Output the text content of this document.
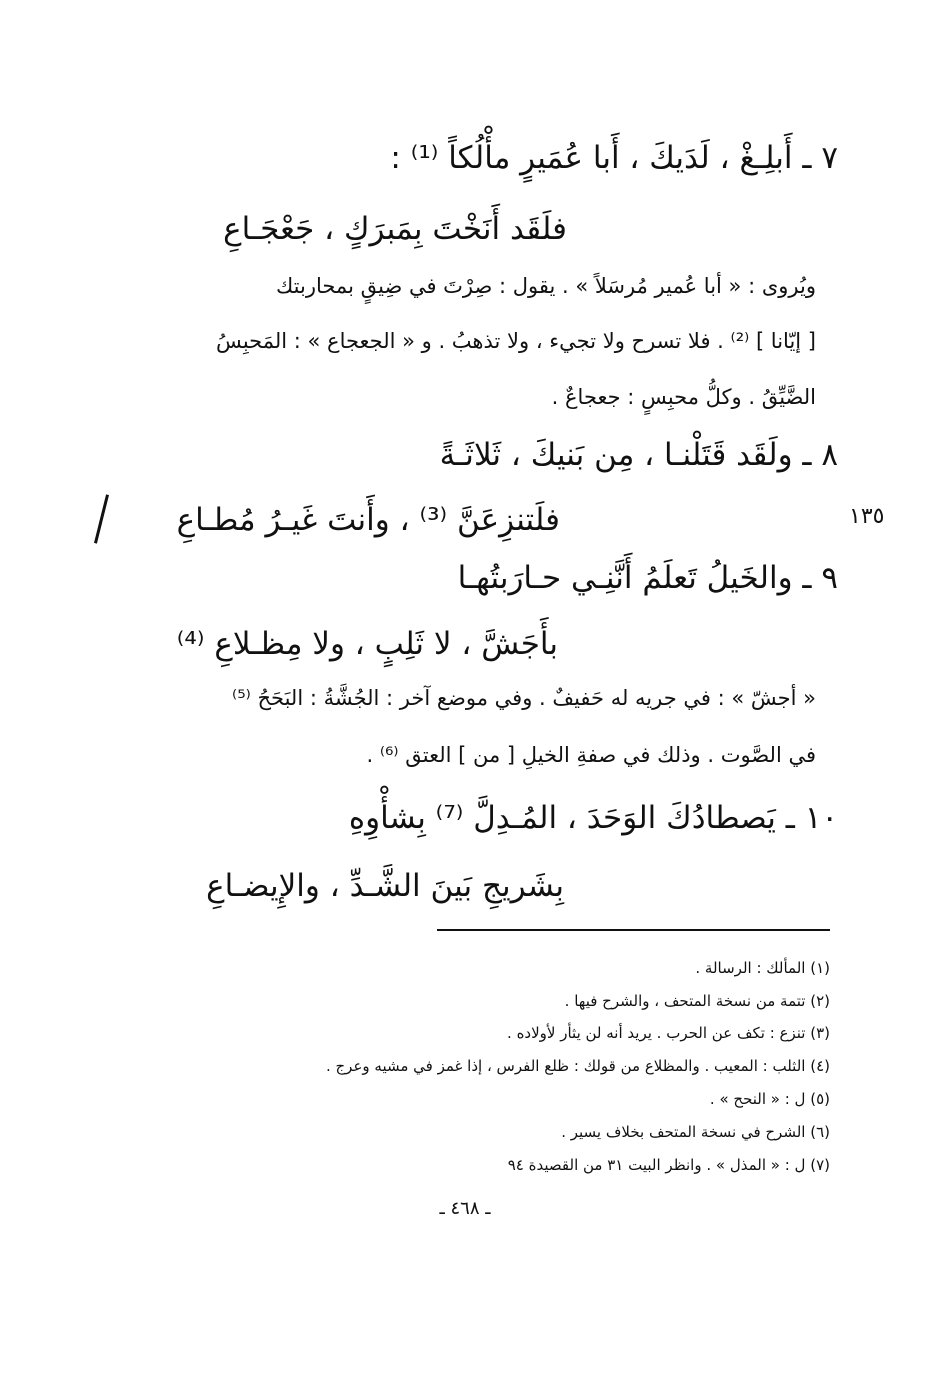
٧ ـ أَبلِـغْ ، لَدَيكَ ، أَبا عُمَيرٍ مأْلُكاً ⁽¹⁾ :
فلَقَد أَنَخْتَ بِمَبرَكٍ ، جَعْجَـاعِ
ويُروى : « أبا عُمير مُرسَلاً » . يقول : صِرْتَ في ضِيقٍ بمحاربتك
[ إيّانا ] ⁽²⁾ . فلا تسرح ولا تجيء ، ولا تذهبُ . و « الجعجاع » : المَحبِسُ
الضَّيِّقُ . وكلُّ محبِسٍ : جعجاعٌ .
٨ ـ ولَقَد قَتَلْنـا ، مِن بَنيكَ ، ثَلاثَـةً
فلَتنزِعَنَّ ⁽³⁾ ، وأَنتَ غَيـرُ مُطـاعِ	١٣٥
٩ ـ والخَيلُ تَعلَمُ أَنَّنِـي حـارَبتُهـا
بأَجَشَّ ، لا ثَلِبٍ ، ولا مِظـلاعِ ⁽⁴⁾
« أجشّ » : في جريه له حَفيفٌ . وفي موضع آخر : الجُشَّةُ : البَحَحُ ⁽⁵⁾
في الصَّوت . وذلك في صفةِ الخيلِ [ من ] العتق ⁽⁶⁾ .
١٠ ـ يَصطادُكَ الوَحَدَ ، المُـدِلَّ ⁽⁷⁾ بِشأْوِهِ
بِشَريجِ بَينَ الشَّـدِّ ، والإِيضـاعِ
(١) المألك : الرسالة .
(٢) تتمة من نسخة المتحف ، والشرح فيها .
(٣) تنزع : تكف عن الحرب . يريد أنه لن يثأر لأولاده .
(٤) الثلب : المعيب . والمظلاع من قولك : ظلع الفرس ، إذا غمز في مشيه وعرج .
(٥) ل : « النحح » .
(٦) الشرح في نسخة المتحف بخلاف يسير .
(٧) ل : « المذل » . وانظر البيت ٣١ من القصيدة ٩٤
ـ ٤٦٨ ـ
